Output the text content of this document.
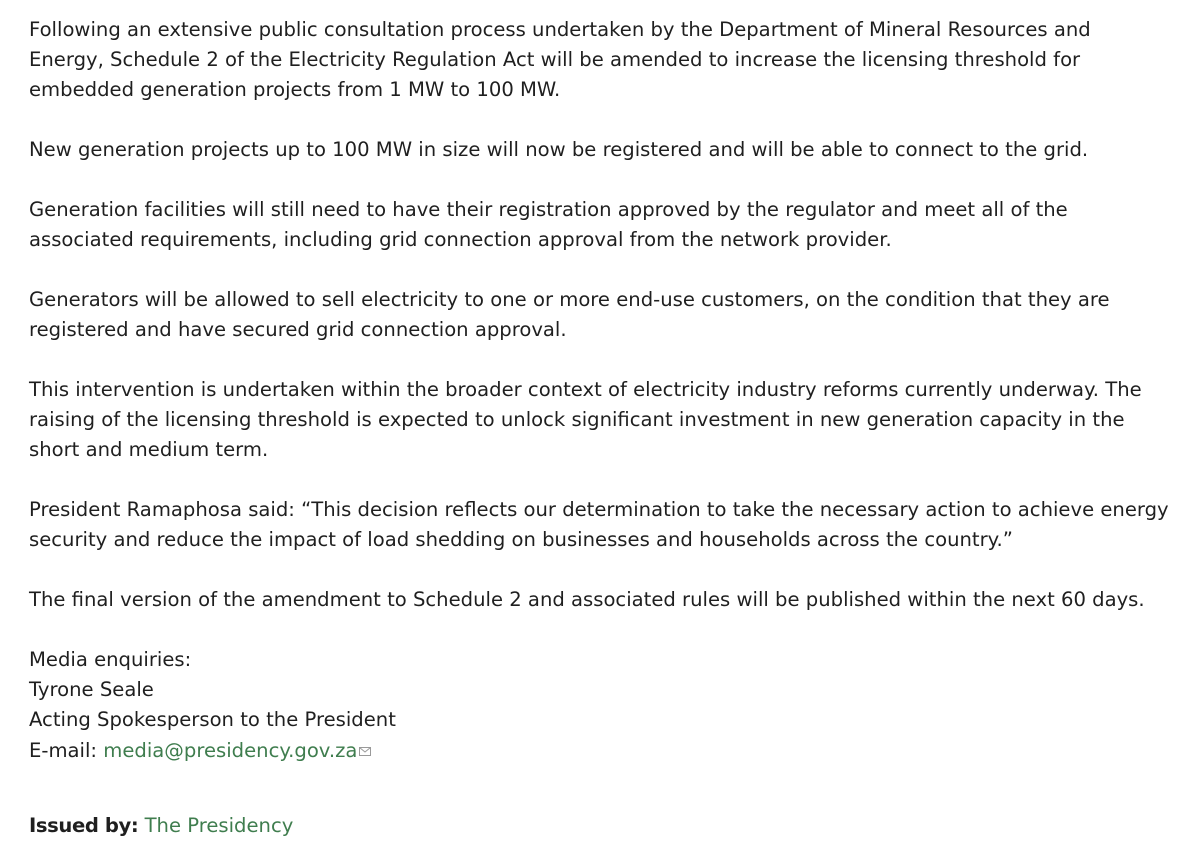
Following an extensive public consultation process undertaken by the Department of Mineral Resources and Energy, Schedule 2 of the Electricity Regulation Act will be amended to increase the licensing threshold for embedded generation projects from 1 MW to 100 MW.

New generation projects up to 100 MW in size will now be registered and will be able to connect to the grid.

Generation facilities will still need to have their registration approved by the regulator and meet all of the associated requirements, including grid connection approval from the network provider.

Generators will be allowed to sell electricity to one or more end-use customers, on the condition that they are registered and have secured grid connection approval.

This intervention is undertaken within the broader context of electricity industry reforms currently underway. The raising of the licensing threshold is expected to unlock significant investment in new generation capacity in the short and medium term.

President Ramaphosa said: “This decision reflects our determination to take the necessary action to achieve energy security and reduce the impact of load shedding on businesses and households across the country.”

The final version of the amendment to Schedule 2 and associated rules will be published within the next 60 days.

Media enquiries:
Tyrone Seale
Acting Spokesperson to the President
E-mail: media@presidency.gov.za
Issued by: The Presidency
